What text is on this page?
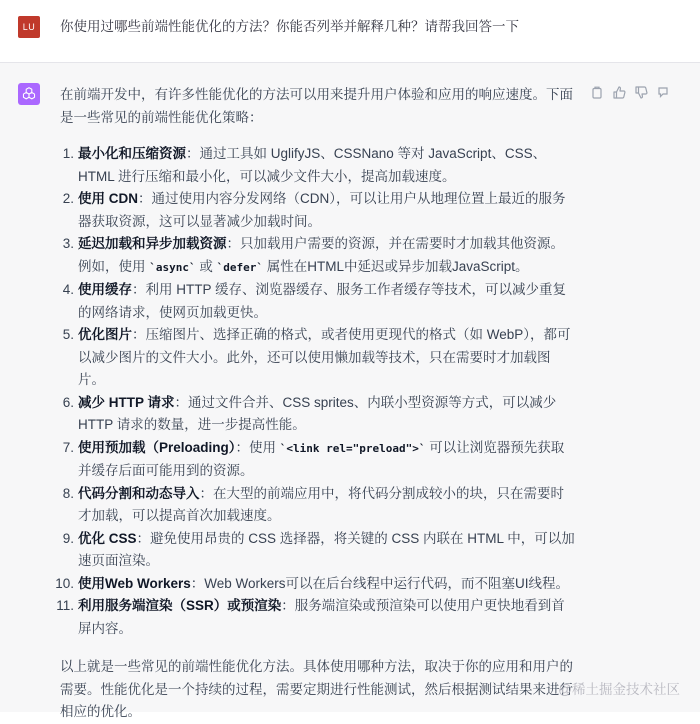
LU	你使用过哪些前端性能优化的方法？你能否列举并解释几种？请帮我回答一下

在前端开发中，有许多性能优化的方法可以用来提升用户体验和应用的响应速度。下面是一些常见的前端性能优化策略：

1. 最小化和压缩资源：通过工具如 UglifyJS、CSSNano 等对 JavaScript、CSS、HTML 进行压缩和最小化，可以减少文件大小，提高加载速度。
2. 使用 CDN：通过使用内容分发网络（CDN），可以让用户从地理位置上最近的服务器获取资源，这可以显著减少加载时间。
3. 延迟加载和异步加载资源：只加载用户需要的资源，并在需要时才加载其他资源。例如，使用 `async` 或 `defer` 属性在HTML中延迟或异步加载JavaScript。
4. 使用缓存：利用 HTTP 缓存、浏览器缓存、服务工作者缓存等技术，可以减少重复的网络请求，使网页加载更快。
5. 优化图片：压缩图片、选择正确的格式，或者使用更现代的格式（如 WebP），都可以减少图片的文件大小。此外，还可以使用懒加载等技术，只在需要时才加载图片。
6. 减少 HTTP 请求：通过文件合并、CSS sprites、内联小型资源等方式，可以减少 HTTP 请求的数量，进一步提高性能。
7. 使用预加载（Preloading）：使用 `<link rel="preload">` 可以让浏览器预先获取并缓存后面可能用到的资源。
8. 代码分割和动态导入：在大型的前端应用中，将代码分割成较小的块，只在需要时才加载，可以提高首次加载速度。
9. 优化 CSS：避免使用昂贵的 CSS 选择器，将关键的 CSS 内联在 HTML 中，可以加速页面渲染。
10. 使用Web Workers：Web Workers可以在后台线程中运行代码，而不阻塞UI线程。
11. 利用服务端渲染（SSR）或预渲染：服务端渲染或预渲染可以使用户更快地看到首屏内容。

以上就是一些常见的前端性能优化方法。具体使用哪种方法，取决于你的应用和用户的需要。性能优化是一个持续的过程，需要定期进行性能测试，然后根据测试结果来进行相应的优化。

@稀土掘金技术社区
